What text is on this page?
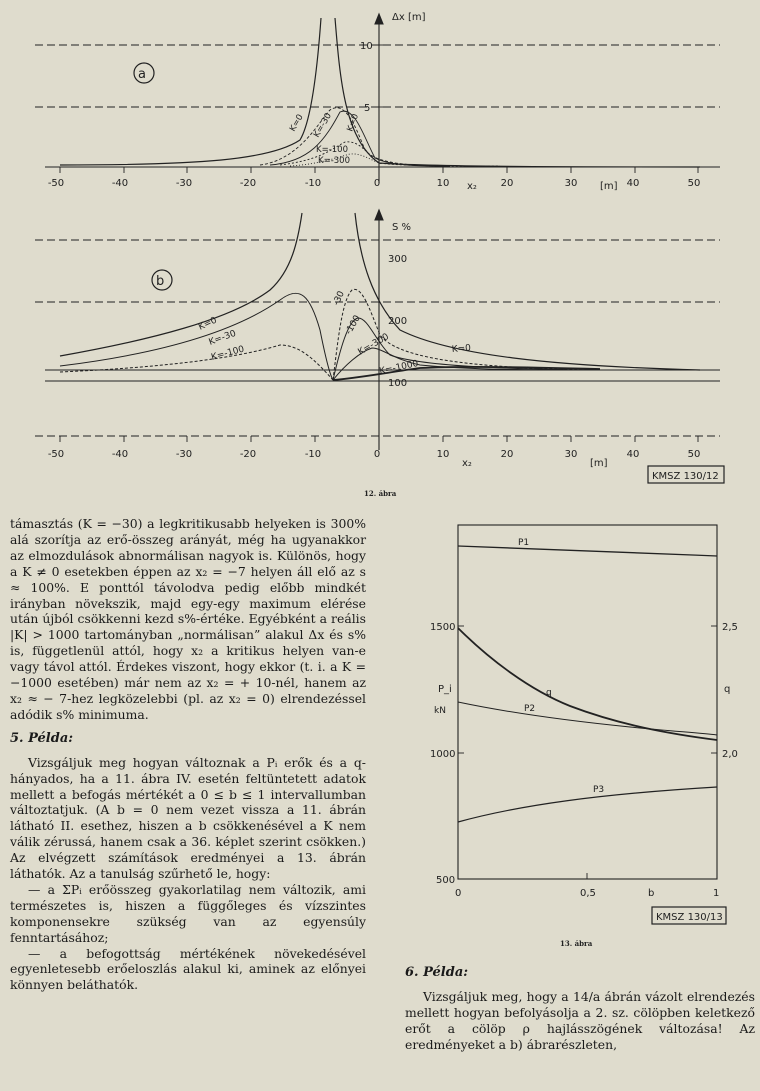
a
Δx [m]
10
5
x₂	[m]
-50	-40	-30	-20	-10	0	10	20	30	40	50
K=0 K=-30 K=0
K=-100
K=-300
b
S %
300
200
100
x₂	[m]
-50	-40	-30	-20	-10	0	10	20	30	40	50
K=0
K=-30
K=-100
-30
-100
K=-300	K=0
K=-1000
KMSZ 130/12
12. ábra
1500
1000
500
2,5
2,0
P_i
kN
q
0	0,5	b	1
P1
q
P2
P3
KMSZ 130/13
13. ábra

támasztás (K = −30) a legkritikusabb helyeken is 300% alá szorítja az erő-összeg arányát, még ha ugyanakkor az elmozdulások abnormálisan nagyok is. Különös, hogy a K ≠ 0 esetekben éppen az x₂ = −7 helyen áll elő az s ≈ 100%. E ponttól távolodva pedig előbb mindkét irányban növekszik, majd egy-egy maximum elérése után újból csökkenni kezd s%-értéke. Egyébként a reális |K| > 1000 tartományban „normálisan” alakul Δx és s% is, függetlenül attól, hogy x₂ a kritikus helyen van-e vagy távol attól. Érdekes viszont, hogy ekkor (t. i. a K = −1000 esetében) már nem az x₂ = + 10-nél, hanem az x₂ ≈ − 7-hez legközelebbi (pl. az x₂ = 0) elrendezéssel adódik s% minimuma.

5. Példa:

Vizsgáljuk meg hogyan változnak a Pᵢ erők és a q-hányados, ha a 11. ábra IV. esetén feltüntetett adatok mellett a befogás mértékét a 0 ≤ b ≤ 1 intervallumban változtatjuk. (A b = 0 nem vezet vissza a 11. ábrán látható II. esethez, hiszen a b csökkenésével a K nem válik zérussá, hanem csak a 36. képlet szerint csökken.) Az elvégzett számítások eredményei a 13. ábrán láthatók. Az a tanulság szűrhető le, hogy:

— a ΣPᵢ erőösszeg gyakorlatilag nem változik, ami természetes is, hiszen a függőleges és vízszintes komponensekre szükség van az egyensúly fenntartásához;

— a befogottság mértékének növekedésével egyenletesebb erőeloszlás alakul ki, aminek az előnyei könnyen beláthatók.

6. Példa:

Vizsgáljuk meg, hogy a 14/a ábrán vázolt elrendezés mellett hogyan befolyásolja a 2. sz. cölöpben keletkező erőt a cölöp ρ hajlásszögének változása! Az eredményeket a b) ábrarészleten,
